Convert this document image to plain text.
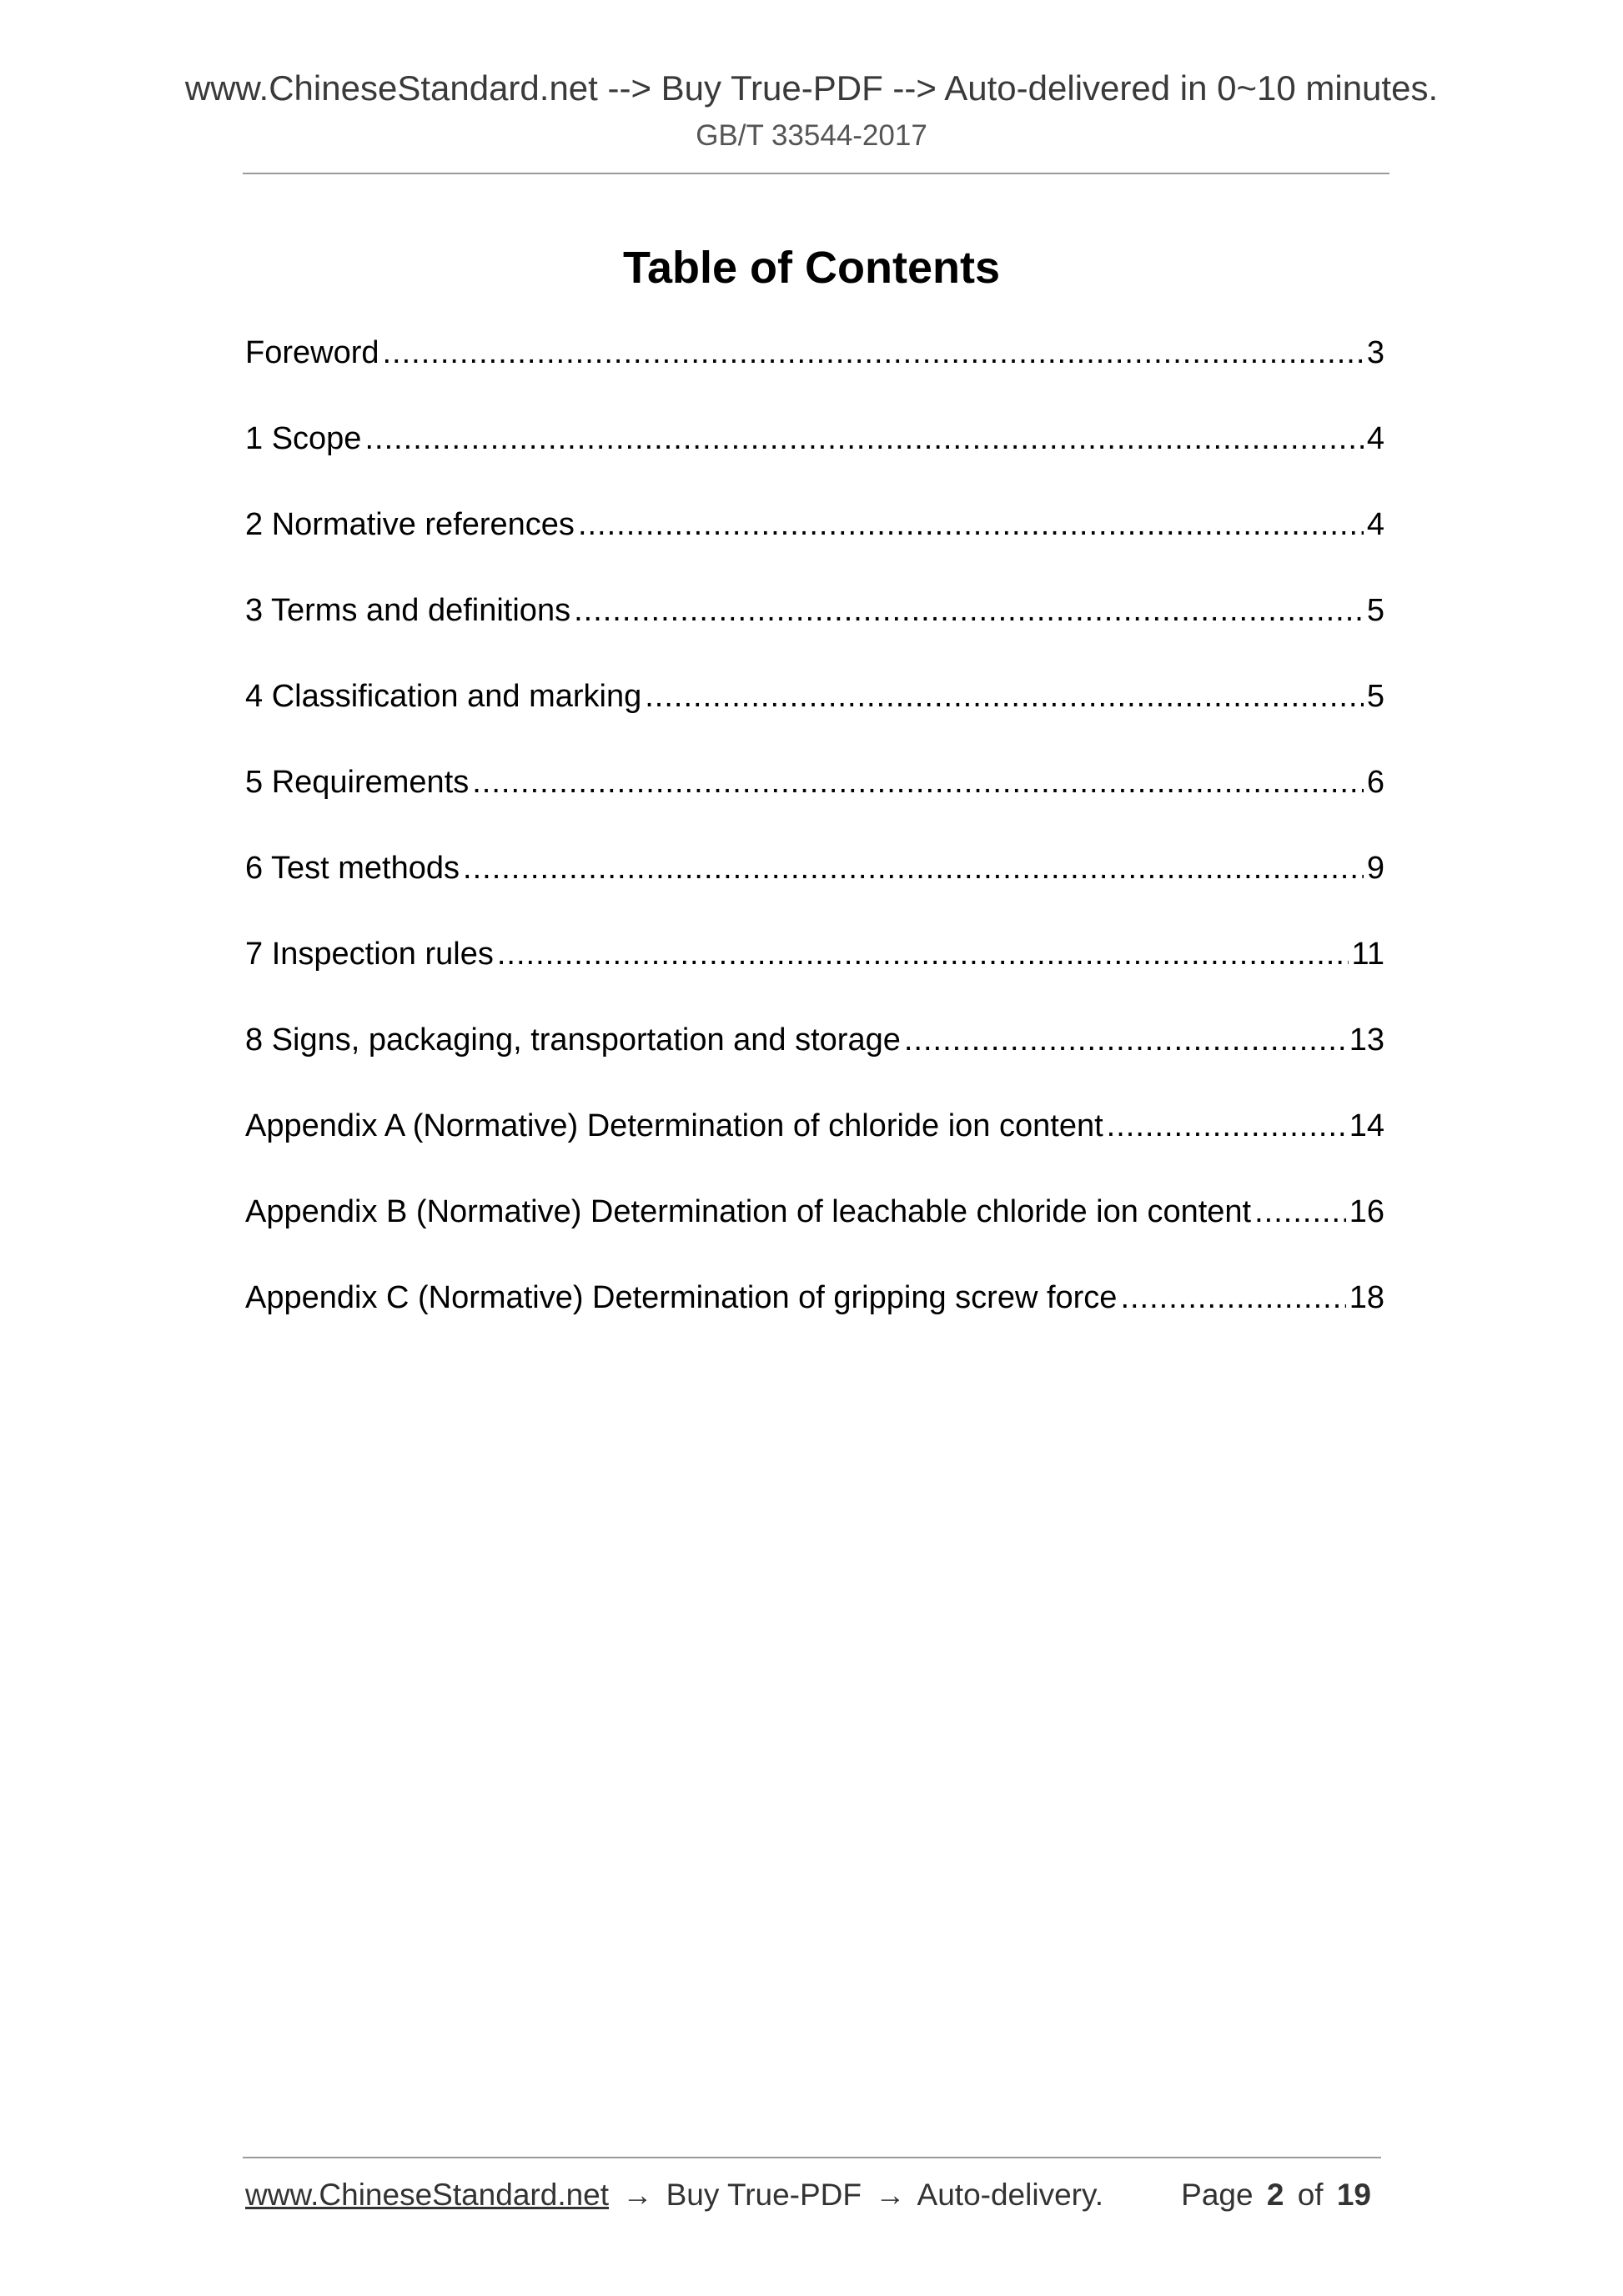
www.ChineseStandard.net --> Buy True-PDF --> Auto-delivered in 0~10 minutes.
GB/T 33544-2017
Table of Contents
Foreword .....	3
1 Scope .....	4
2 Normative references .....	4
3 Terms and definitions .....	5
4 Classification and marking .....	5
5 Requirements .....	6
6 Test methods .....	9
7 Inspection rules .....	11
8 Signs, packaging, transportation and storage .....	13
Appendix A (Normative) Determination of chloride ion content .....	14
Appendix B (Normative) Determination of leachable chloride ion content .....	16
Appendix C (Normative) Determination of gripping screw force .....	18
www.ChineseStandard.net → Buy True-PDF → Auto-delivery.	Page 2 of 19
